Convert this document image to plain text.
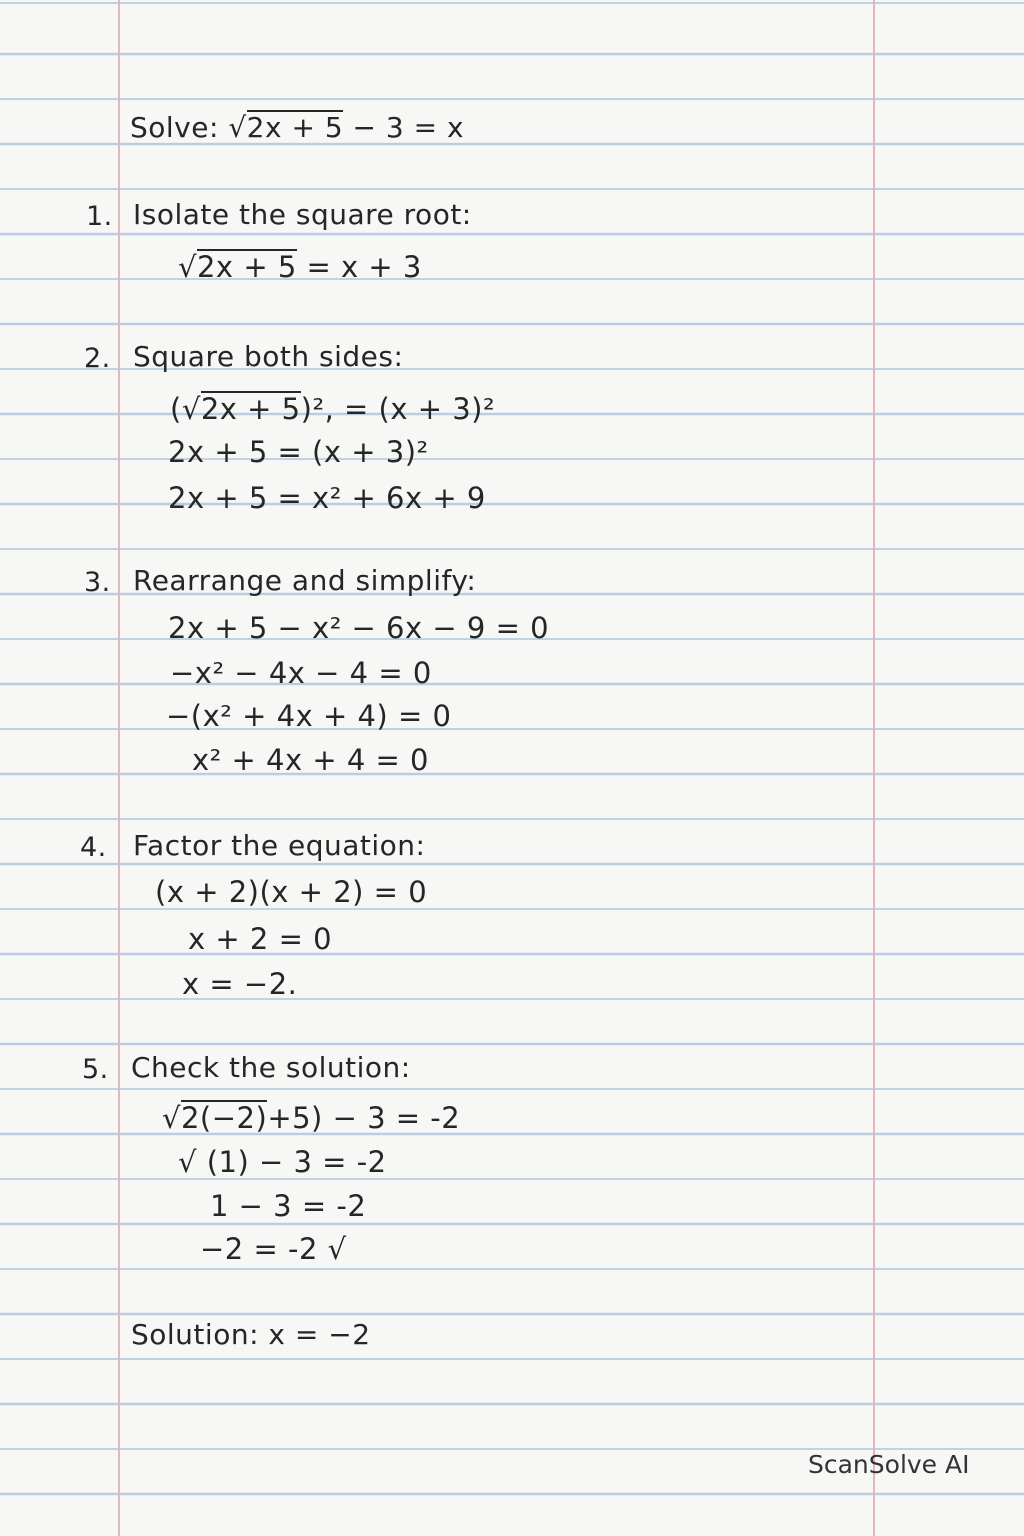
Solve: √2x + 5 − 3 = x
1. Isolate the square root:
√2x + 5 = x + 3
2. Square both sides:
(√2x + 5)², = (x + 3)²
2x + 5 = (x + 3)²
2x + 5 = x² + 6x + 9
3. Rearrange and simplify:
2x + 5 − x² − 6x − 9 = 0
−x² − 4x − 4 = 0
−(x² + 4x + 4) = 0
x² + 4x + 4 = 0
4. Factor the equation:
(x + 2)(x + 2) = 0
x + 2 = 0
x = −2.
5. Check the solution:
√2(−2)+5) − 3 = -2
√ (1) − 3 = -2
1 − 3 = -2
−2 = -2 √
Solution: x = −2
ScanSolve AI
